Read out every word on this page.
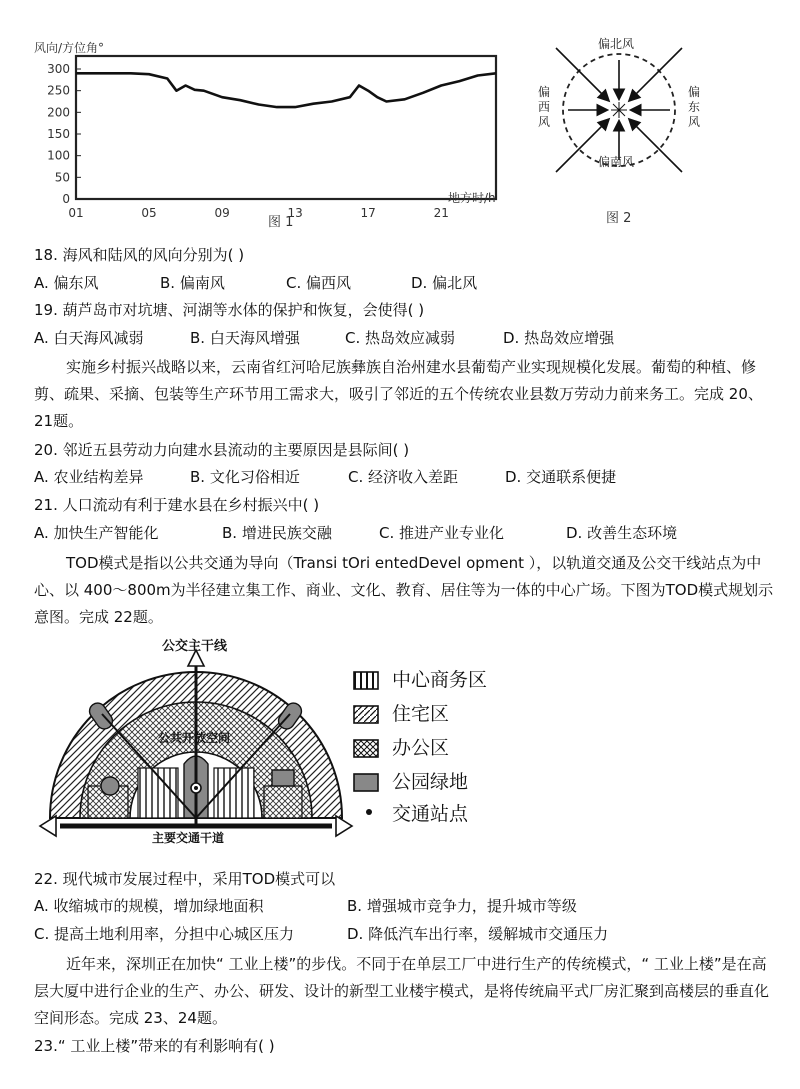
风向/方位角°
300
250
200
150
100
50
0
01	05	09	13	17	21
地方时/h
图 1
偏北风
偏南风
偏西风
偏东风
图 2
18. 海风和陆风的风向分别为( )
A. 偏东风	B. 偏南风	C. 偏西风	D. 偏北风
19. 葫芦岛市对坑塘、河湖等水体的保护和恢复，会使得( )
A. 白天海风减弱	B. 白天海风增强	C. 热岛效应减弱	D. 热岛效应增强
实施乡村振兴战略以来，云南省红河哈尼族彝族自治州建水县葡萄产业实现规模化发展。葡萄的种植、修剪、疏果、采摘、包装等生产环节用工需求大，吸引了邻近的五个传统农业县数万劳动力前来务工。完成 20、21题。
20. 邻近五县劳动力向建水县流动的主要原因是县际间( )
A. 农业结构差异	B. 文化习俗相近	C. 经济收入差距	D. 交通联系便捷
21. 人口流动有利于建水县在乡村振兴中( )
A. 加快生产智能化	B. 增进民族交融	C. 推进产业专业化	D. 改善生态环境
TOD模式是指以公共交通为导向（Transi tOri entedDevel opment ），以轨道交通及公交干线站点为中心、以 400～800m为半径建立集工作、商业、文化、教育、居住等为一体的中心广场。下图为TOD模式规划示意图。完成 22题。
公交主干线
公共开放空间
主要交通干道
中心商务区
住宅区
办公区
公园绿地
交通站点
22. 现代城市发展过程中，采用TOD模式可以
A. 收缩城市的规模，增加绿地面积	B. 增强城市竞争力，提升城市等级
C. 提高土地利用率，分担中心城区压力	D. 降低汽车出行率，缓解城市交通压力
近年来，深圳正在加快“ 工业上楼”的步伐。不同于在单层工厂中进行生产的传统模式，“ 工业上楼”是在高层大厦中进行企业的生产、办公、研发、设计的新型工业楼宇模式，是将传统扁平式厂房汇聚到高楼层的垂直化空间形态。完成 23、24题。
23.“ 工业上楼”带来的有利影响有( )
